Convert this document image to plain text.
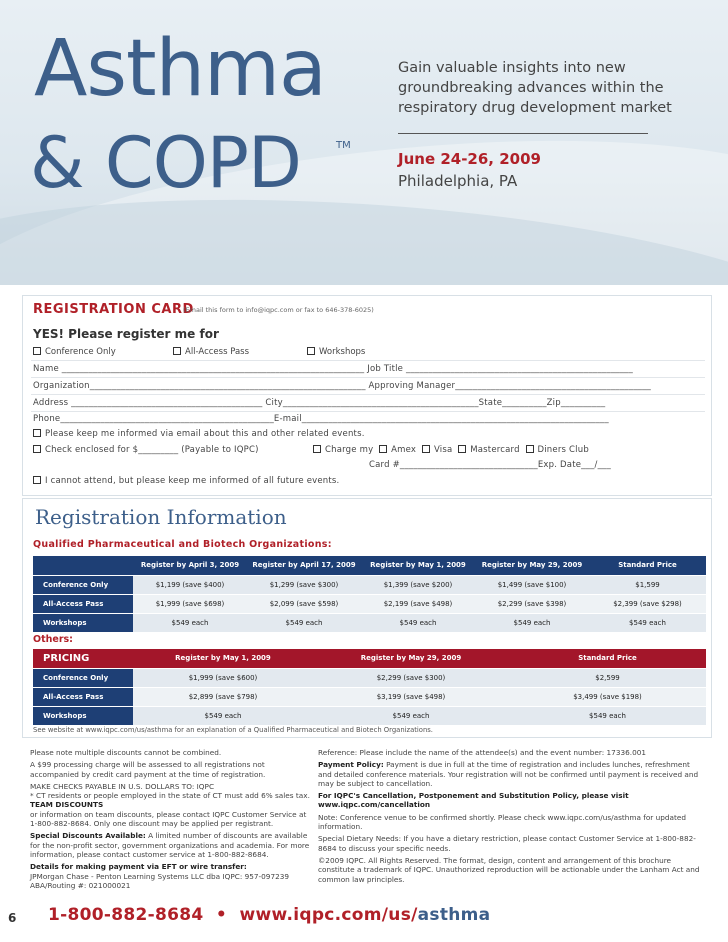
Asthma
& COPD	TM
Gain valuable insights into new groundbreaking advances within the respiratory drug development market
June 24-26, 2009
Philadelphia, PA
REGISTRATION CARD
(Email this form to info@iqpc.com or fax to 646-378-6025)
YES! Please register me for
Conference Only	All-Access Pass	Workshops
Name ____________________________________________________________________ Job Title ___________________________________________________
Organization______________________________________________________________ Approving Manager____________________________________________
Address ___________________________________________ City____________________________________________State__________Zip__________
Phone________________________________________________E-mail_____________________________________________________________________
Please keep me informed via email about this and other related events.
Check enclosed for $_________ (Payable to IQPC)	Charge my Amex Visa Mastercard Diners Club
Card #_______________________________Exp. Date___/___
I cannot attend, but please keep me informed of all future events.
Registration Information
Qualified Pharmaceutical and Biotech Organizations:
	Register by April 3, 2009	Register by April 17, 2009	Register by May 1, 2009	Register by May 29, 2009	Standard Price
Conference Only	$1,199 (save $400)	$1,299 (save $300)	$1,399 (save $200)	$1,499 (save $100)	$1,599
All-Access Pass	$1,999 (save $698)	$2,099 (save $598)	$2,199 (save $498)	$2,299 (save $398)	$2,399 (save $298)
Workshops	$549 each	$549 each	$549 each	$549 each	$549 each
Others:
PRICING	Register by May 1, 2009	Register by May 29, 2009	Standard Price
Conference Only	$1,999 (save $600)	$2,299 (save $300)	$2,599
All-Access Pass	$2,899 (save $798)	$3,199 (save $498)	$3,499 (save $198)
Workshops	$549 each	$549 each	$549 each
See website at www.iqpc.com/us/asthma for an explanation of a Qualified Pharmaceutical and Biotech Organizations.

Please note multiple discounts cannot be combined.

A $99 processing charge will be assessed to all registrations not accompanied by credit card payment at the time of registration.

MAKE CHECKS PAYABLE IN U.S. DOLLARS TO: IQPC

* CT residents or people employed in the state of CT must add 6% sales tax.

TEAM DISCOUNTS

or information on team discounts, please contact IQPC Customer Service at 1-800-882-8684. Only one discount may be applied per registrant.

Special Discounts Available: A limited number of discounts are available for the non-profit sector, government organizations and academia. For more information, please contact customer service at 1-800-882-8684.

Details for making payment via EFT or wire transfer:

JPMorgan Chase - Penton Learning Systems LLC dba IQPC: 957-097239

ABA/Routing #: 021000021

Reference: Please include the name of the attendee(s) and the event number: 17336.001

Payment Policy: Payment is due in full at the time of registration and includes lunches, refreshment and detailed conference materials. Your registration will not be confirmed until payment is received and may be subject to cancellation.

For IQPC's Cancellation, Postponement and Substitution Policy, please visit www.iqpc.com/cancellation

Note: Conference venue to be confirmed shortly. Please check www.iqpc.com/us/asthma for updated information.

Special Dietary Needs: If you have a dietary restriction, please contact Customer Service at 1-800-882-8684 to discuss your specific needs.

©2009 IQPC. All Rights Reserved. The format, design, content and arrangement of this brochure constitute a trademark of IQPC. Unauthorized reproduction will be actionable under the Lanham Act and common law principles.

6 1-800-882-8684 • www.iqpc.com/us/asthma
